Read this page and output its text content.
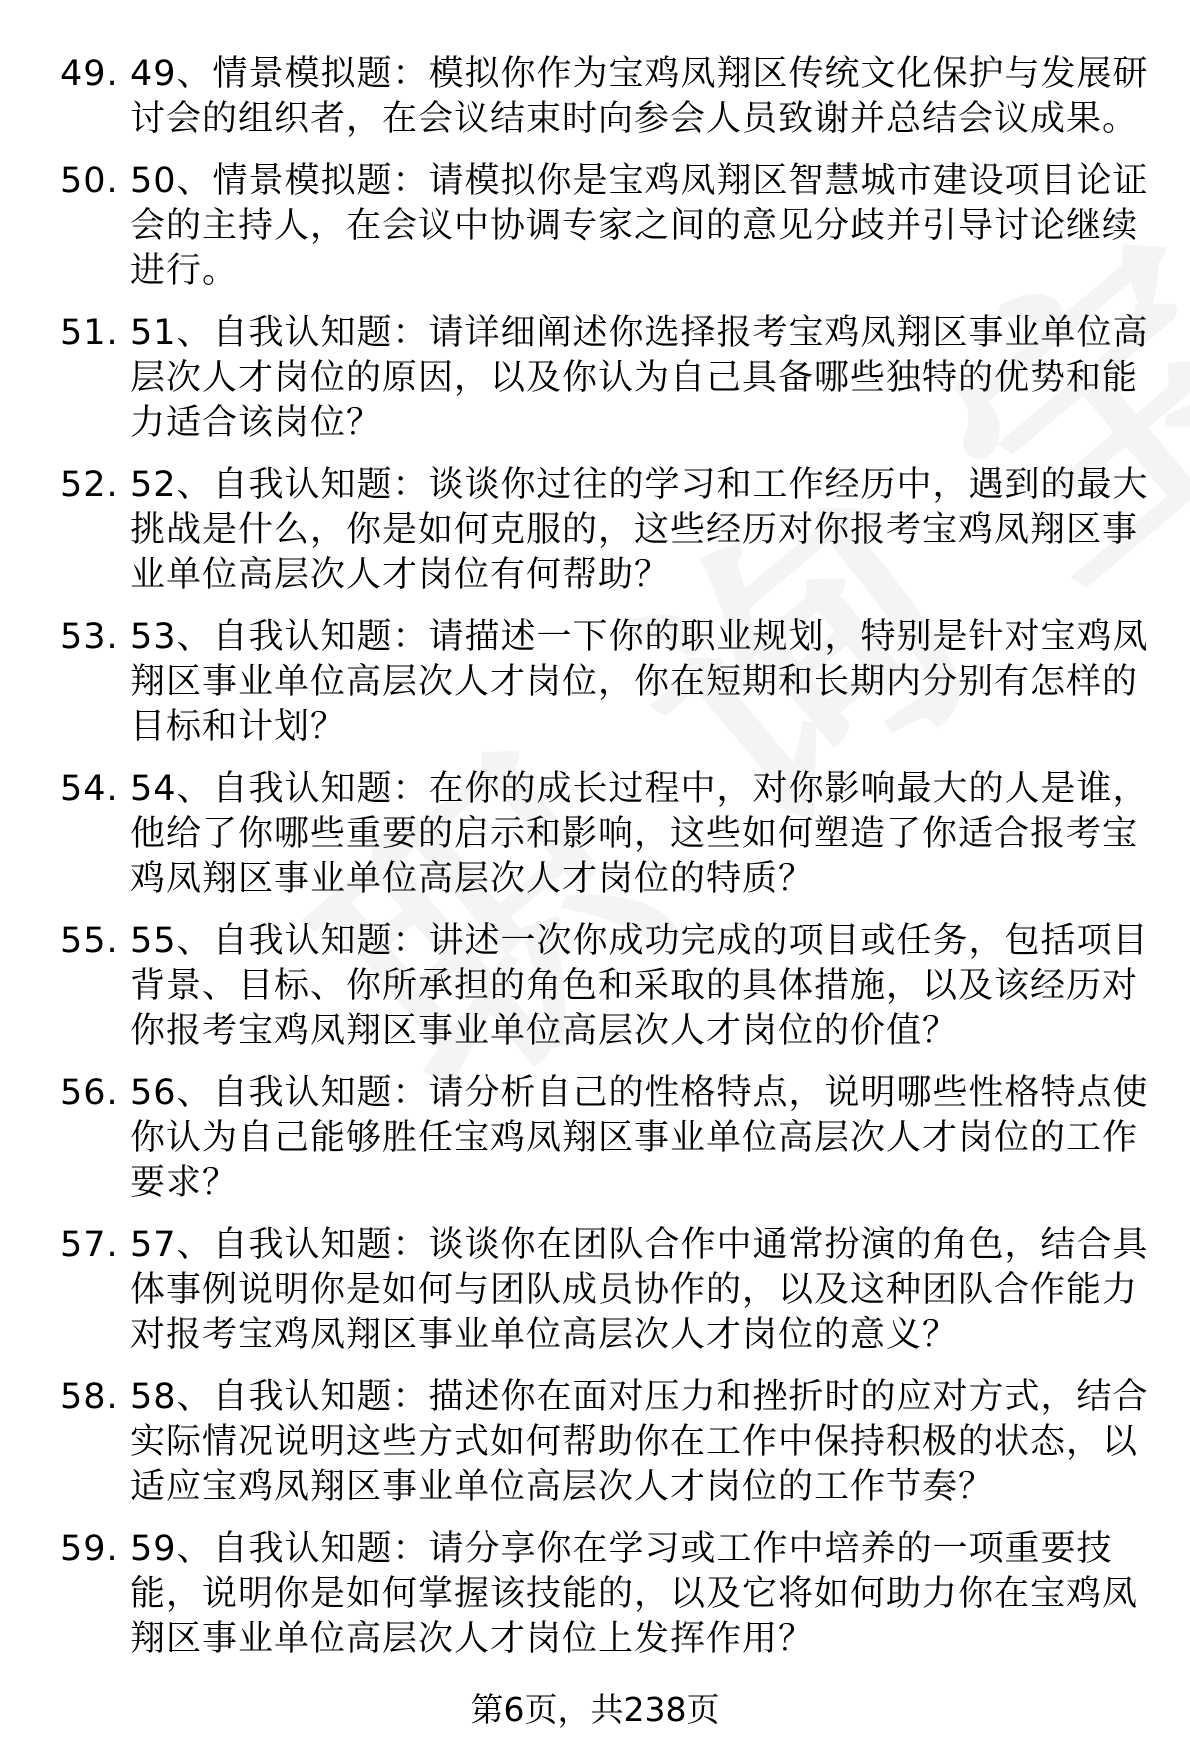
49. 49、情景模拟题：模拟你作为宝鸡凤翔区传统文化保护与发展研讨会的组织者，在会议结束时向参会人员致谢并总结会议成果。
50. 50、情景模拟题：请模拟你是宝鸡凤翔区智慧城市建设项目论证会的主持人，在会议中协调专家之间的意见分歧并引导讨论继续进行。
51. 51、自我认知题：请详细阐述你选择报考宝鸡凤翔区事业单位高层次人才岗位的原因，以及你认为自己具备哪些独特的优势和能力适合该岗位？
52. 52、自我认知题：谈谈你过往的学习和工作经历中，遇到的最大挑战是什么，你是如何克服的，这些经历对你报考宝鸡凤翔区事业单位高层次人才岗位有何帮助？
53. 53、自我认知题：请描述一下你的职业规划，特别是针对宝鸡凤翔区事业单位高层次人才岗位，你在短期和长期内分别有怎样的目标和计划？
54. 54、自我认知题：在你的成长过程中，对你影响最大的人是谁，他给了你哪些重要的启示和影响，这些如何塑造了你适合报考宝鸡凤翔区事业单位高层次人才岗位的特质？
55. 55、自我认知题：讲述一次你成功完成的项目或任务，包括项目背景、目标、你所承担的角色和采取的具体措施，以及该经历对你报考宝鸡凤翔区事业单位高层次人才岗位的价值？
56. 56、自我认知题：请分析自己的性格特点，说明哪些性格特点使你认为自己能够胜任宝鸡凤翔区事业单位高层次人才岗位的工作要求？
57. 57、自我认知题：谈谈你在团队合作中通常扮演的角色，结合具体事例说明你是如何与团队成员协作的，以及这种团队合作能力对报考宝鸡凤翔区事业单位高层次人才岗位的意义？
58. 58、自我认知题：描述你在面对压力和挫折时的应对方式，结合实际情况说明这些方式如何帮助你在工作中保持积极的状态，以适应宝鸡凤翔区事业单位高层次人才岗位的工作节奏？
59. 59、自我认知题：请分享你在学习或工作中培养的一项重要技能，说明你是如何掌握该技能的，以及它将如何助力你在宝鸡凤翔区事业单位高层次人才岗位上发挥作用？
第6页，共238页
